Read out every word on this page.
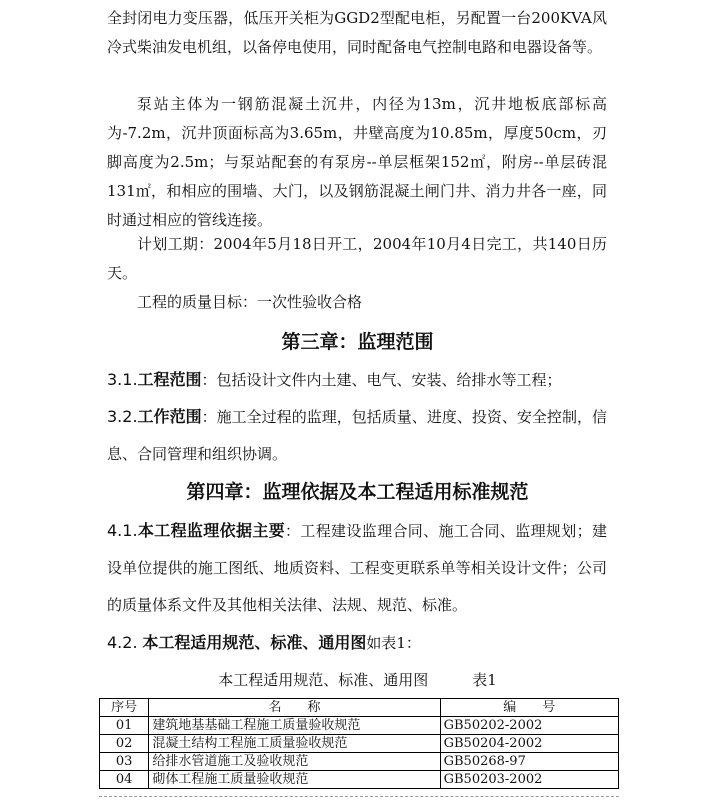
全封闭电力变压器，低压开关柜为GGD2型配电柜，另配置一台200KVA风冷式柴油发电机组，以备停电使用，同时配备电气控制电路和电器设备等。

泵站主体为一钢筋混凝土沉井，内径为13m，沉井地板底部标高为-7.2m，沉井顶面标高为3.65m，井壁高度为10.85m，厚度50cm，刃脚高度为2.5m；与泵站配套的有泵房--单层框架152㎡，附房--单层砖混131㎡，和相应的围墙、大门，以及钢筋混凝土闸门井、消力井各一座，同时通过相应的管线连接。

计划工期：2004年5月18日开工，2004年10月4日完工，共140日历天。

工程的质量目标：一次性验收合格

第三章：监理范围

3.1.工程范围：包括设计文件内土建、电气、安装、给排水等工程；

3.2.工作范围：施工全过程的监理，包括质量、进度、投资、安全控制，信息、合同管理和组织协调。

第四章：监理依据及本工程适用标准规范

4.1.本工程监理依据主要：工程建设监理合同、施工合同、监理规划；建设单位提供的施工图纸、地质资料、工程变更联系单等相关设计文件；公司的质量体系文件及其他相关法律、法规、规范、标准。

4.2. 本工程适用规范、标准、通用图如表1：

本工程适用规范、标准、通用图	表1
序号	名　　称	编　　号
01	建筑地基基础工程施工质量验收规范	GB50202-2002
02	混凝土结构工程施工质量验收规范	GB50204-2002
03	给排水管道施工及验收规范	GB50268-97
04	砌体工程施工质量验收规范	GB50203-2002
